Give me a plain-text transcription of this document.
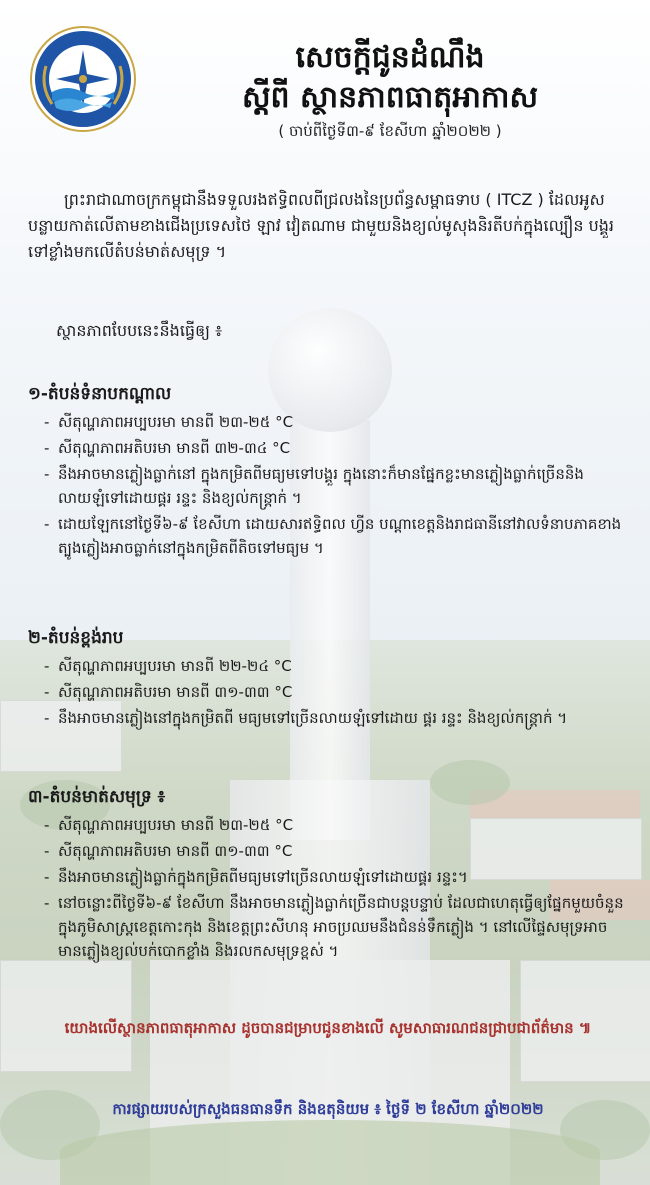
សេចក្តីជូនដំណឹង
ស្តីពី ស្ថានភាពធាតុអាកាស
( ចាប់ពីថ្ងៃទី៣-៩ ខែសីហា ឆ្នាំ២០២២ )
ព្រះរាជាណាចក្រកម្ពុជានឹងទទួលរងឥទ្ធិពលពីជ្រលងនៃប្រព័ន្ធសម្ពាធទាប ( ITCZ ) ដែលអូសបន្លាយកាត់លើតាមខាងជើងប្រទេសថៃ ឡាវ វៀតណាម ជាមួយនិងខ្យល់មូសុងនិរតីបក់ក្នុងល្បឿន បង្គួរទៅខ្លាំងមកលើតំបន់មាត់សមុទ្រ ។
ស្ថានភាពបែបនេះនឹងធ្វើឲ្យ ៖
១-តំបន់ទំនាបកណ្តាល
- សីតុណ្ហភាពអប្បបរមា មានពី ២៣-២៥ °C
- សីតុណ្ហភាពអតិបរមា មានពី ៣២-៣៤ °C
- នឹងអាចមានភ្លៀងធ្លាក់នៅ ក្នុងកម្រិតពីមធ្យមទៅបង្គួរ ក្នុងនោះក៏មានផ្នែកខ្លះមានភ្លៀងធ្លាក់ច្រើននិងលាយឡំទៅដោយផ្គរ រន្ទះ និងខ្យល់កន្ត្រាក់ ។
- ដោយឡែកនៅថ្ងៃទី៦-៩ ខែសីហា ដោយសារឥទ្ធិពល ហ្វីន បណ្តាខេត្តនិងរាជធានីនៅវាលទំនាបភាគខាងត្បូងភ្លៀងអាចធ្លាក់នៅក្នុងកម្រិតពីតិចទៅមធ្យម ។
២-តំបន់ខ្ពង់រាប
- សីតុណ្ហភាពអប្បបរមា មានពី ២២-២៤ °C
- សីតុណ្ហភាពអតិបរមា មានពី ៣១-៣៣ °C
- នឹងអាចមានភ្លៀងនៅក្នុងកម្រិតពី មធ្យមទៅច្រើនលាយឡំទៅដោយ ផ្គរ រន្ទះ និងខ្យល់កន្ត្រាក់ ។
៣-តំបន់មាត់សមុទ្រ ៖
- សីតុណ្ហភាពអប្បបរមា មានពី ២៣-២៥ °C
- សីតុណ្ហភាពអតិបរមា មានពី ៣១-៣៣ °C
- នឹងអាចមានភ្លៀងធ្លាក់ក្នុងកម្រិតពីមធ្យមទៅច្រើនលាយឡំទៅដោយផ្គរ រន្ទះ។
- នៅចន្លោះពីថ្ងៃទី៦-៩ ខែសីហា នឹងអាចមានភ្លៀងធ្លាក់ច្រើនជាបន្តបន្ទាប់ ដែលជាហេតុធ្វើឲ្យផ្នែកមួយចំនួនក្នុងភូមិសាស្ត្រខេត្តកោះកុង និងខេត្តព្រះសីហនុ អាចប្រឈមនឹងជំនន់ទឹកភ្លៀង ។ នៅលើផ្ទៃសមុទ្រអាចមានភ្លៀងខ្យល់បក់បោកខ្លាំង និងរលកសមុទ្រខ្ពស់ ។
យោងលើស្ថានភាពធាតុអាកាស ដូចបានជម្រាបជូនខាងលើ សូមសាធារណជនជ្រាបជាព័ត៌មាន ៕
ការផ្សាយរបស់ក្រសួងធនធានទឹក និងឧតុនិយម ៖ ថ្ងៃទី ២ ខែសីហា ឆ្នាំ២០២២
